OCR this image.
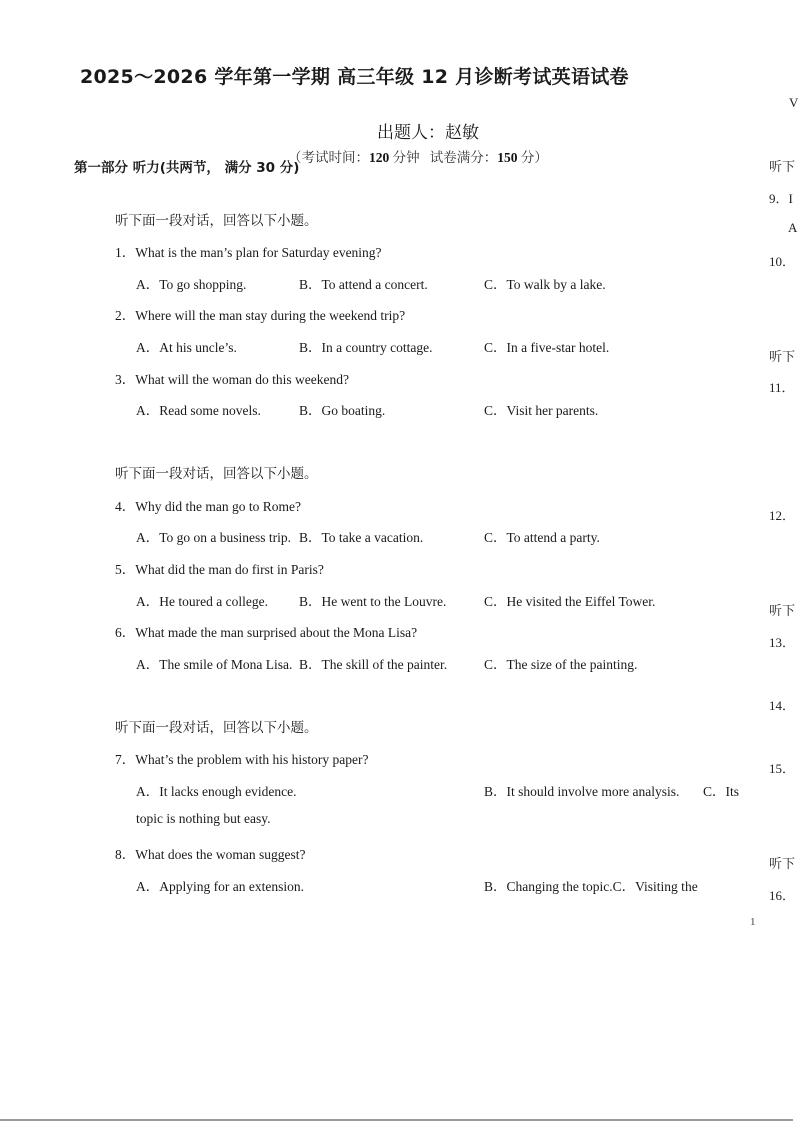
2025～2026 学年第一学期 高三年级 12 月诊断考试英语试卷
出题人：赵敏
（考试时间：120 分钟 试卷满分：150 分）
第一部分 听力(共两节， 满分 30 分)
听下面一段对话，回答以下小题。
1．What is the man’s plan for Saturday evening?
A．To go shopping.	B．To attend a concert.	C．To walk by a lake.
2．Where will the man stay during the weekend trip?
A．At his uncle’s.	B．In a country cottage.	C．In a five-star hotel.
3．What will the woman do this weekend?
A．Read some novels.	B．Go boating.	C．Visit her parents.
听下面一段对话，回答以下小题。
4．Why did the man go to Rome?
A．To go on a business trip. B．To take a vacation.	C．To attend a party.
5．What did the man do first in Paris?
A．He toured a college. B．He went to the Louvre.	C．He visited the Eiffel Tower.
6．What made the man surprised about the Mona Lisa?
A．The smile of Mona Lisa. B．The skill of the painter.	C．The size of the painting.
听下面一段对话，回答以下小题。
7．What’s the problem with his history paper?
A．It lacks enough evidence.	B．It should involve more analysis. C．Its
topic is nothing but easy.
8．What does the woman suggest?
A．Applying for an extension.	B．Changing the topic.C．Visiting the
1
V
听下
9．I
A
10．
听下
11．
12．
听下
13．
14．
15．
听下
16．
